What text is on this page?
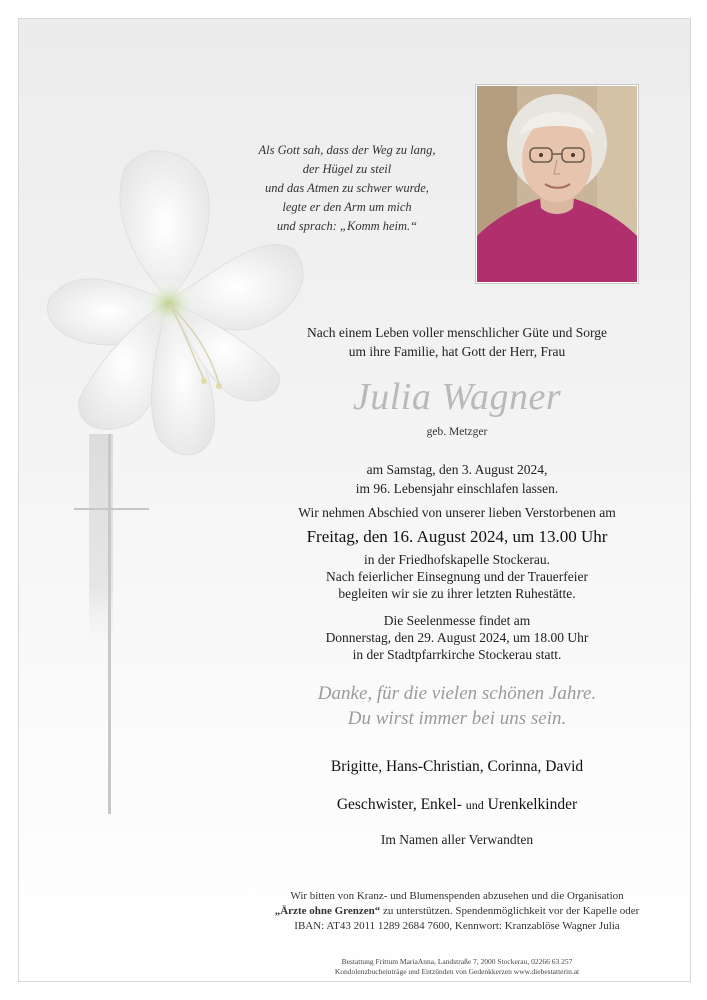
Als Gott sah, dass der Weg zu lang,
der Hügel zu steil
und das Atmen zu schwer wurde,
legte er den Arm um mich
und sprach: „Komm heim.“
Nach einem Leben voller menschlicher Güte und Sorge
um ihre Familie, hat Gott der Herr, Frau
Julia Wagner
geb. Metzger
am Samstag, den 3. August 2024,
im 96. Lebensjahr einschlafen lassen.
Wir nehmen Abschied von unserer lieben Verstorbenen am
Freitag, den 16. August 2024, um 13.00 Uhr
in der Friedhofskapelle Stockerau.
Nach feierlicher Einsegnung und der Trauerfeier
begleiten wir sie zu ihrer letzten Ruhestätte.
Die Seelenmesse findet am
Donnerstag, den 29. August 2024, um 18.00 Uhr
in der Stadtpfarrkirche Stockerau statt.
Danke, für die vielen schönen Jahre.
Du wirst immer bei uns sein.
Brigitte, Hans-Christian, Corinna, David
Geschwister, Enkel- und Urenkelkinder
Im Namen aller Verwandten
Wir bitten von Kranz- und Blumenspenden abzusehen und die Organisation
„Ärzte ohne Grenzen“ zu unterstützen. Spendenmöglichkeit vor der Kapelle oder
IBAN: AT43 2011 1289 2684 7600, Kennwort: Kranzablöse Wagner Julia
Bestattung Frittum MariaAnna, Landstraße 7, 2000 Stockerau, 02266 63 257
Kondolenzbucheinträge und Entzünden von Gedenkkerzen www.diebestatterin.at
